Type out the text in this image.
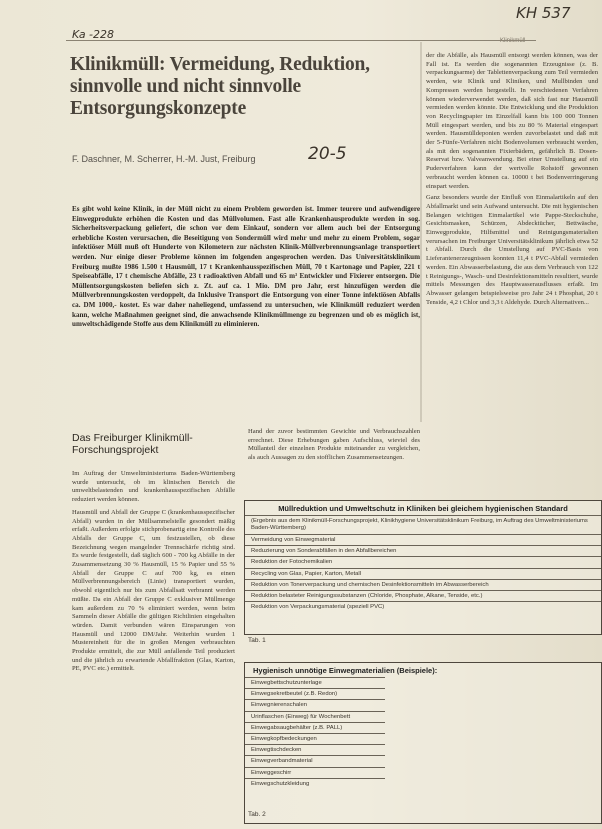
Ka -228
KH 537
Klinikmüll
Klinikmüll: Vermeidung, Reduktion, sinnvolle und nicht sinnvolle Entsorgungskonzepte
F. Daschner, M. Scherrer, H.-M. Just, Freiburg	20-5
Es gibt wohl keine Klinik, in der Müll nicht zu einem Problem geworden ist. Immer teurere und aufwendigere Einwegprodukte erhöhen die Kosten und das Müllvolumen. Fast alle Krankenhausprodukte werden in sog. Sicherheitsverpackung geliefert, die schon vor dem Einkauf, sondern vor allem auch bei der Entsorgung erhebliche Kosten verursachen, die Beseitigung von Sondermüll wird mehr und mehr zu einem Problem, sogar infektiöser Müll muß oft Hunderte von Kilometern zur nächsten Klinik-Müllverbrennungsanlage transportiert werden. Nur einige dieser Probleme können im folgenden angesprochen werden. Das Universitätsklinikum Freiburg mußte 1986 1.500 t Hausmüll, 17 t Krankenhausspezifischen Müll, 70 t Kartonage und Papier, 221 t Speiseabfälle, 17 t chemische Abfälle, 23 t radioaktiven Abfall und 65 m³ Entwickler und Fixierer entsorgen. Die Müllentsorgungskosten beliefen sich z. Zt. auf ca. 1 Mio. DM pro Jahr, erst hinzufügen werden die Müllverbrennungskosten verdoppelt, da Inklusive Transport die Entsorgung von einer Tonne infektiösen Abfalls ca. DM 1000,- kostet. Es war daher naheliegend, umfassend zu untersuchen, wie Klinikmüll reduziert werden kann, welche Maßnahmen geeignet sind, die anwachsende Klinikmüllmenge zu begrenzen und ob es möglich ist, umweltschädigende Stoffe aus dem Klinikmüll zu eliminieren.

der die Abfälle, als Hausmüll entsorgt werden können, was der Fall ist. Es werden die sogenannten Erzeugnisse (z. B. verpackungsarme) der Tablettenverpackung zum Teil vermieden werden, wie Klinik und Kliniken, und Mullbinden und Kompressen werden hergestellt. In verschiedenen Verfahren können wiederverwendet werden, daß sich fast nur Hausmüll vermieden werden könnte. Die Entwicklung und die Produktion von Recyclingpapier im Einzelfall kann bis 100 000 Tonnen Müll eingespart werden, und bis zu 80 % Material eingespart werden. Hausmülldeponien werden zuvorbelastet und daß mit der 5-Fünfe-Verfahren nicht Bodenvolumen verbraucht werden, als mit den sogenannten Fixierbädern, gefährlich B. Dosen-Reservat bzw. Valveanwendung. Bei einer Umstellung auf ein Puderverfahren kann der wertvolle Rohstoff gewonnen verbraucht werden können ca. 10000 t bei Bodenverringerung einspart werden.

Ganz besonders wurde der Einfluß von Einmalartikeln auf den Abfallmarkt und sein Aufwand untersucht. Die mit hygienischen Belangen wichtigen Einmalartikel wie Pappe-Steckschuhe, Gesichtsmasken, Schürzen, Abdecktücher, Bettwäsche, Einwegprodukte, Hilfsmittel und Reinigungsmaterialien verursachen im Freiburger Universitätsklinikum jährlich etwa 52 t Abfall. Durch die Umstellung auf PVC-Basis von Lieferantenerzeugnissen konnten 11,4 t PVC-Abfall vermieden werden. Ein Abwasserbelastung, die aus dem Verbrauch von 122 t Reinigungs-, Wasch- und Desinfektionsmitteln resultiert, wurde mittels Messungen des Hauptwasserausflusses erfaßt. Im Abwasser gelangen beispielsweise pro Jahr 24 t Phosphat, 20 t Tenside, 4,2 t Chlor und 3,3 t Aldehyde. Durch Alternativen...

Das Freiburger Klinikmüll-Forschungsprojekt

Im Auftrag der Umweltministeriums Baden-Württemberg wurde untersucht, ob im klinischen Bereich die umweltbelastenden und krankenhausspezifischen Abfälle reduziert werden können.

Hausmüll und Abfall der Gruppe C (krankenhausspezifischer Abfall) wurden in der Müllsammelstelle gesondert mäßig erfaßt. Außerdem erfolgte stichprobenartig eine Kontrolle des Abfalls der Gruppe C, um festzustellen, ob diese Bezeichnung wegen mangelnder Trennschärfe richtig sind. Es wurde festgestellt, daß täglich 600 - 700 kg Abfälle in der Zusammensetzung 30 % Hausmüll, 15 % Papier und 55 % Abfall der Gruppe C auf 700 kg, es einen Müllverbrennungsbereich (Linie) transportiert wurden, obwohl eigentlich nur bis zum Abfallsatt verbrannt werden müßte. Da ein Abfall der Gruppe C exklusiver Müllmenge kam außerdem zu 70 % eliminiert werden, wenn beim Sammeln dieser Abfälle die gültigen Richtlinien eingehalten würden. Damit verbunden wären Einsparungen von Hausmüll und 12000 DM/Jahr. Weiterhin wurden 1 Mustereinheit für die in großen Mengen verbrauchten Produkte ermittelt, die zur Müll anfallende Teil produziert und die jährlich zu erwartende Abfallfraktion (Glas, Karton, PE, PVC etc.) ermittelt.

Hand der zuvor bestimmten Gewichte und Verbrauchszahlen errechnet. Diese Erhebungen gaben Aufschluss, wieviel des Müllanteil der einzelnen Produkte miteinander zu vergleichen, als auch Aussagen zu den stofflichen Zusammensetzungen.
Müllreduktion und Umweltschutz in Kliniken bei gleichem hygienischen Standard
(Ergebnis aus dem Klinikmüll-Forschungsprojekt, Klinikhygiene Universitätsklinikum Freiburg, im Auftrag des Umweltministeriums Baden-Württemberg)
Vermeidung von Einwegmaterial
Reduzierung von Sonderabfällen in den Abfallbereichen
Reduktion der Fotochemikalien
Recycling von Glas, Papier, Karton, Metall
Reduktion von Tonerverpackung und chemischen Desinfektionsmitteln im Abwasserbereich
Reduktion belasteter Reinigungssubstanzen (Chloride, Phosphate, Alkane, Tenside, etc.)
Reduktion von Verpackungsmaterial (speziell PVC)
Tab. 1
Hygienisch unnötige Einwegmaterialien (Beispiele):
Einwegbettschutzunterlage
Einwegsekretbeutel (z.B. Redon)
Einwegnierenschalen
Urinflaschen (Einweg) für Wochenbett
Einwegabsaugbehälter (z.B. PALL)
Einwegkopfbedeckungen
Einwegtischdecken
Einwegverbandmaterial
Einweggeschirr
Einwegschutzkleidung
Tab. 2
